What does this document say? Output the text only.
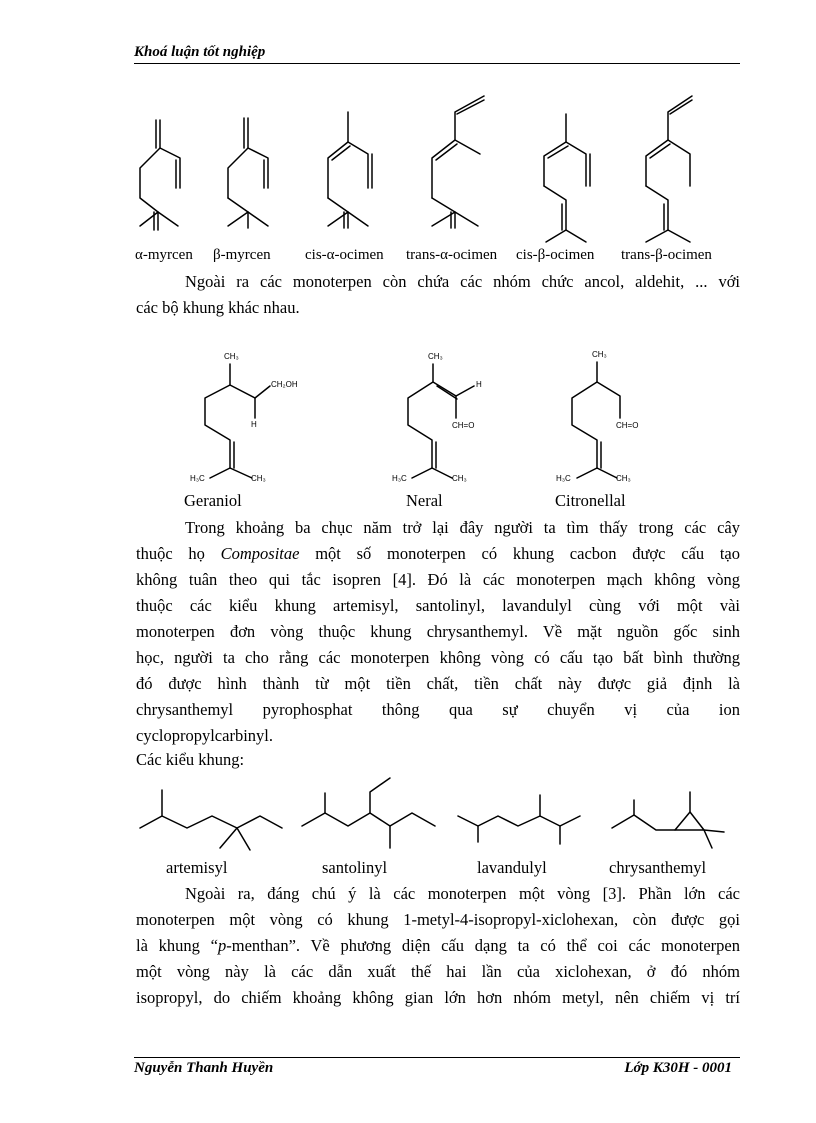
Khoá luận tốt nghiệp
α-myrcen β-myrcen cis-α-ocimen trans-α-ocimen cis-β-ocimen trans-β-ocimen
Ngoài ra các monoterpen còn chứa các nhóm chức ancol, aldehit, ... với
các bộ khung khác nhau.
CH₃
CH₂OH
H
H₃C	CH₃
CH₃
H
CH=O
H₃C	CH₃
CH₃
CH=O
H₃C	CH₃
Geraniol	Neral	Citronellal
Trong khoảng ba chục năm trở lại đây người ta tìm thấy trong các cây
thuộc họ Compositae một số monoterpen có khung cacbon được cấu tạo
không tuân theo qui tắc isopren [4]. Đó là các monoterpen mạch không vòng
thuộc các kiểu khung artemisyl, santolinyl, lavandulyl cùng với một vài
monoterpen đơn vòng thuộc khung chrysanthemyl. Về mặt nguồn gốc sinh
học, người ta cho rằng các monoterpen không vòng có cấu tạo bất bình thường
đó được hình thành từ một tiền chất, tiền chất này được giả định là
chrysanthemyl pyrophosphat thông qua sự chuyển vị của ion
cyclopropylcarbinyl.
Các kiểu khung:
artemisyl	santolinyl	lavandulyl	chrysanthemyl
Ngoài ra, đáng chú ý là các monoterpen một vòng [3]. Phần lớn các
monoterpen một vòng có khung 1-metyl-4-isopropyl-xiclohexan, còn được gọi
là khung “p-menthan”. Về phương diện cấu dạng ta có thể coi các monoterpen
một vòng này là các dẫn xuất thế hai lần của xiclohexan, ở đó nhóm
isopropyl, do chiếm khoảng không gian lớn hơn nhóm metyl, nên chiếm vị trí
Nguyễn Thanh Huyền	Lớp K30H - 0001
